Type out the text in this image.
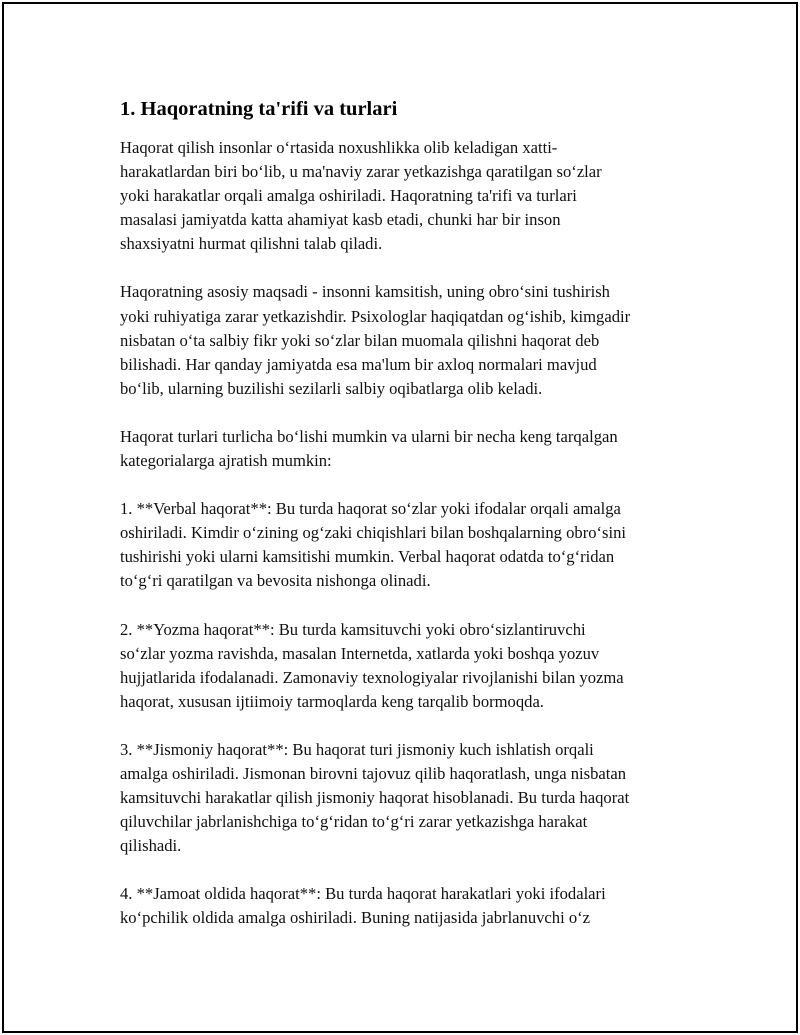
1. Haqoratning ta'rifi va turlari

Haqorat qilish insonlar o‘rtasida noxushlikka olib keladigan xatti-
harakatlardan biri bo‘lib, u ma'naviy zarar yetkazishga qaratilgan so‘zlar
yoki harakatlar orqali amalga oshiriladi. Haqoratning ta'rifi va turlari
masalasi jamiyatda katta ahamiyat kasb etadi, chunki har bir inson
shaxsiyatni hurmat qilishni talab qiladi.

Haqoratning asosiy maqsadi - insonni kamsitish, uning obro‘sini tushirish
yoki ruhiyatiga zarar yetkazishdir. Psixologlar haqiqatdan og‘ishib, kimgadir
nisbatan o‘ta salbiy fikr yoki so‘zlar bilan muomala qilishni haqorat deb
bilishadi. Har qanday jamiyatda esa ma'lum bir axloq normalari mavjud
bo‘lib, ularning buzilishi sezilarli salbiy oqibatlarga olib keladi.

Haqorat turlari turlicha bo‘lishi mumkin va ularni bir necha keng tarqalgan
kategorialarga ajratish mumkin:

1. **Verbal haqorat**: Bu turda haqorat so‘zlar yoki ifodalar orqali amalga
oshiriladi. Kimdir o‘zining og‘zaki chiqishlari bilan boshqalarning obro‘sini
tushirishi yoki ularni kamsitishi mumkin. Verbal haqorat odatda to‘g‘ridan
to‘g‘ri qaratilgan va bevosita nishonga olinadi.

2. **Yozma haqorat**: Bu turda kamsituvchi yoki obro‘sizlantiruvchi
so‘zlar yozma ravishda, masalan Internetda, xatlarda yoki boshqa yozuv
hujjatlarida ifodalanadi. Zamonaviy texnologiyalar rivojlanishi bilan yozma
haqorat, xususan ijtiimoiy tarmoqlarda keng tarqalib bormoqda.

3. **Jismoniy haqorat**: Bu haqorat turi jismoniy kuch ishlatish orqali
amalga oshiriladi. Jismonan birovni tajovuz qilib haqoratlash, unga nisbatan
kamsituvchi harakatlar qilish jismoniy haqorat hisoblanadi. Bu turda haqorat
qiluvchilar jabrlanishchiga to‘g‘ridan to‘g‘ri zarar yetkazishga harakat
qilishadi.

4. **Jamoat oldida haqorat**: Bu turda haqorat harakatlari yoki ifodalari
ko‘pchilik oldida amalga oshiriladi. Buning natijasida jabrlanuvchi o‘z
